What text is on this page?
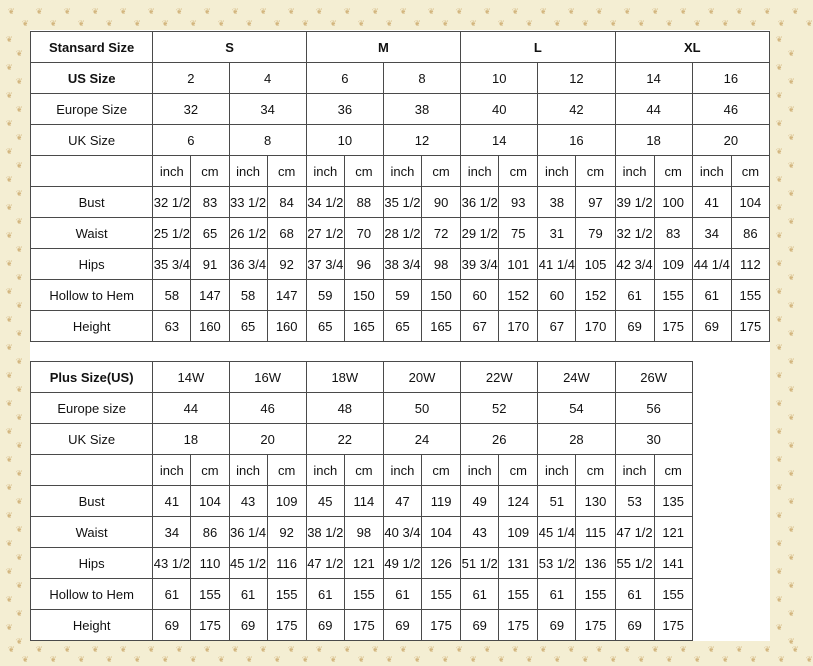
❦
❦
❦
❦
❦
❦
❦
❦
❦
❦
❦
❦
❦
❦
❦
❦
❦
❦
❦
❦
❦
❦
❦
❦
❦
❦
❦
❦
❦
❦
❦
❦
❦
❦
❦
❦
❦
❦
❦
❦
❦
❦
❦
❦
❦
❦
❦
❦
❦
❦
❦
❦
❦
❦
❦
❦
❦
❦
❦
❦
❦
❦
❦
❦
❦
❦
❦
❦
❦
❦
❦
❦
❦
❦
❦
❦
❦
❦
❦
❦
❦
❦
❦
❦
❦
❦
❦
❦
❦
❦
❦
❦
❦
❦
❦
❦
❦
❦
❦
❦
❦
❦
❦
❦
❦
❦
❦
❦
❦
❦
❦
❦
❦
❦
❦
❦
❦
❦
❦
❦
❦
❦
❦
❦
❦
❦
❦
❦
❦
❦
❦
❦
❦
❦
❦
❦
❦
❦
❦
❦
❦
❦
❦
❦
❦
❦
❦
❦
❦
❦
❦
❦
❦
❦
❦
❦
❦
❦
❦
❦
❦
❦
❦
❦
❦
❦
❦
❦
❦
❦
❦
❦
❦
❦
❦
❦
❦
❦
❦
❦
❦
❦
❦
❦
❦
❦
❦
❦
❦
❦
❦
❦
❦
❦
❦
❦
❦
❦
❦
❦
❦
❦
❦
❦
Stansard Size	S				M				L				XL			
US Size	2		4		6		8		10		12		14		16	
Europe Size	32		34		36		38		40		42		44		46	
UK Size	6		8		10		12		14		16		18		20	
	inch	cm	inch	cm	inch	cm	inch	cm	inch	cm	inch	cm	inch	cm	inch	cm
Bust	32 1/2	83	33 1/2	84	34 1/2	88	35 1/2	90	36 1/2	93	38	97	39 1/2	100	41	104
Waist	25 1/2	65	26 1/2	68	27 1/2	70	28 1/2	72	29 1/2	75	31	79	32 1/2	83	34	86
Hips	35 3/4	91	36 3/4	92	37 3/4	96	38 3/4	98	39 3/4	101	41 1/4	105	42 3/4	109	44 1/4	112
Hollow to Hem	58	147	58	147	59	150	59	150	60	152	60	152	61	155	61	155
Height	63	160	65	160	65	165	65	165	67	170	67	170	69	175	69	175
Plus Size(US)	14W		16W		18W		20W		22W		24W		26W		
Europe size	44		46		48		50		52		54		56		
UK Size	18		20		22		24		26		28		30		
	inch	cm	inch	cm	inch	cm	inch	cm	inch	cm	inch	cm	inch	cm	
Bust	41	104	43	109	45	114	47	119	49	124	51	130	53	135	
Waist	34	86	36 1/4	92	38 1/2	98	40 3/4	104	43	109	45 1/4	115	47 1/2	121	
Hips	43 1/2	110	45 1/2	116	47 1/2	121	49 1/2	126	51 1/2	131	53 1/2	136	55 1/2	141	
Hollow to Hem	61	155	61	155	61	155	61	155	61	155	61	155	61	155	
Height	69	175	69	175	69	175	69	175	69	175	69	175	69	175	
